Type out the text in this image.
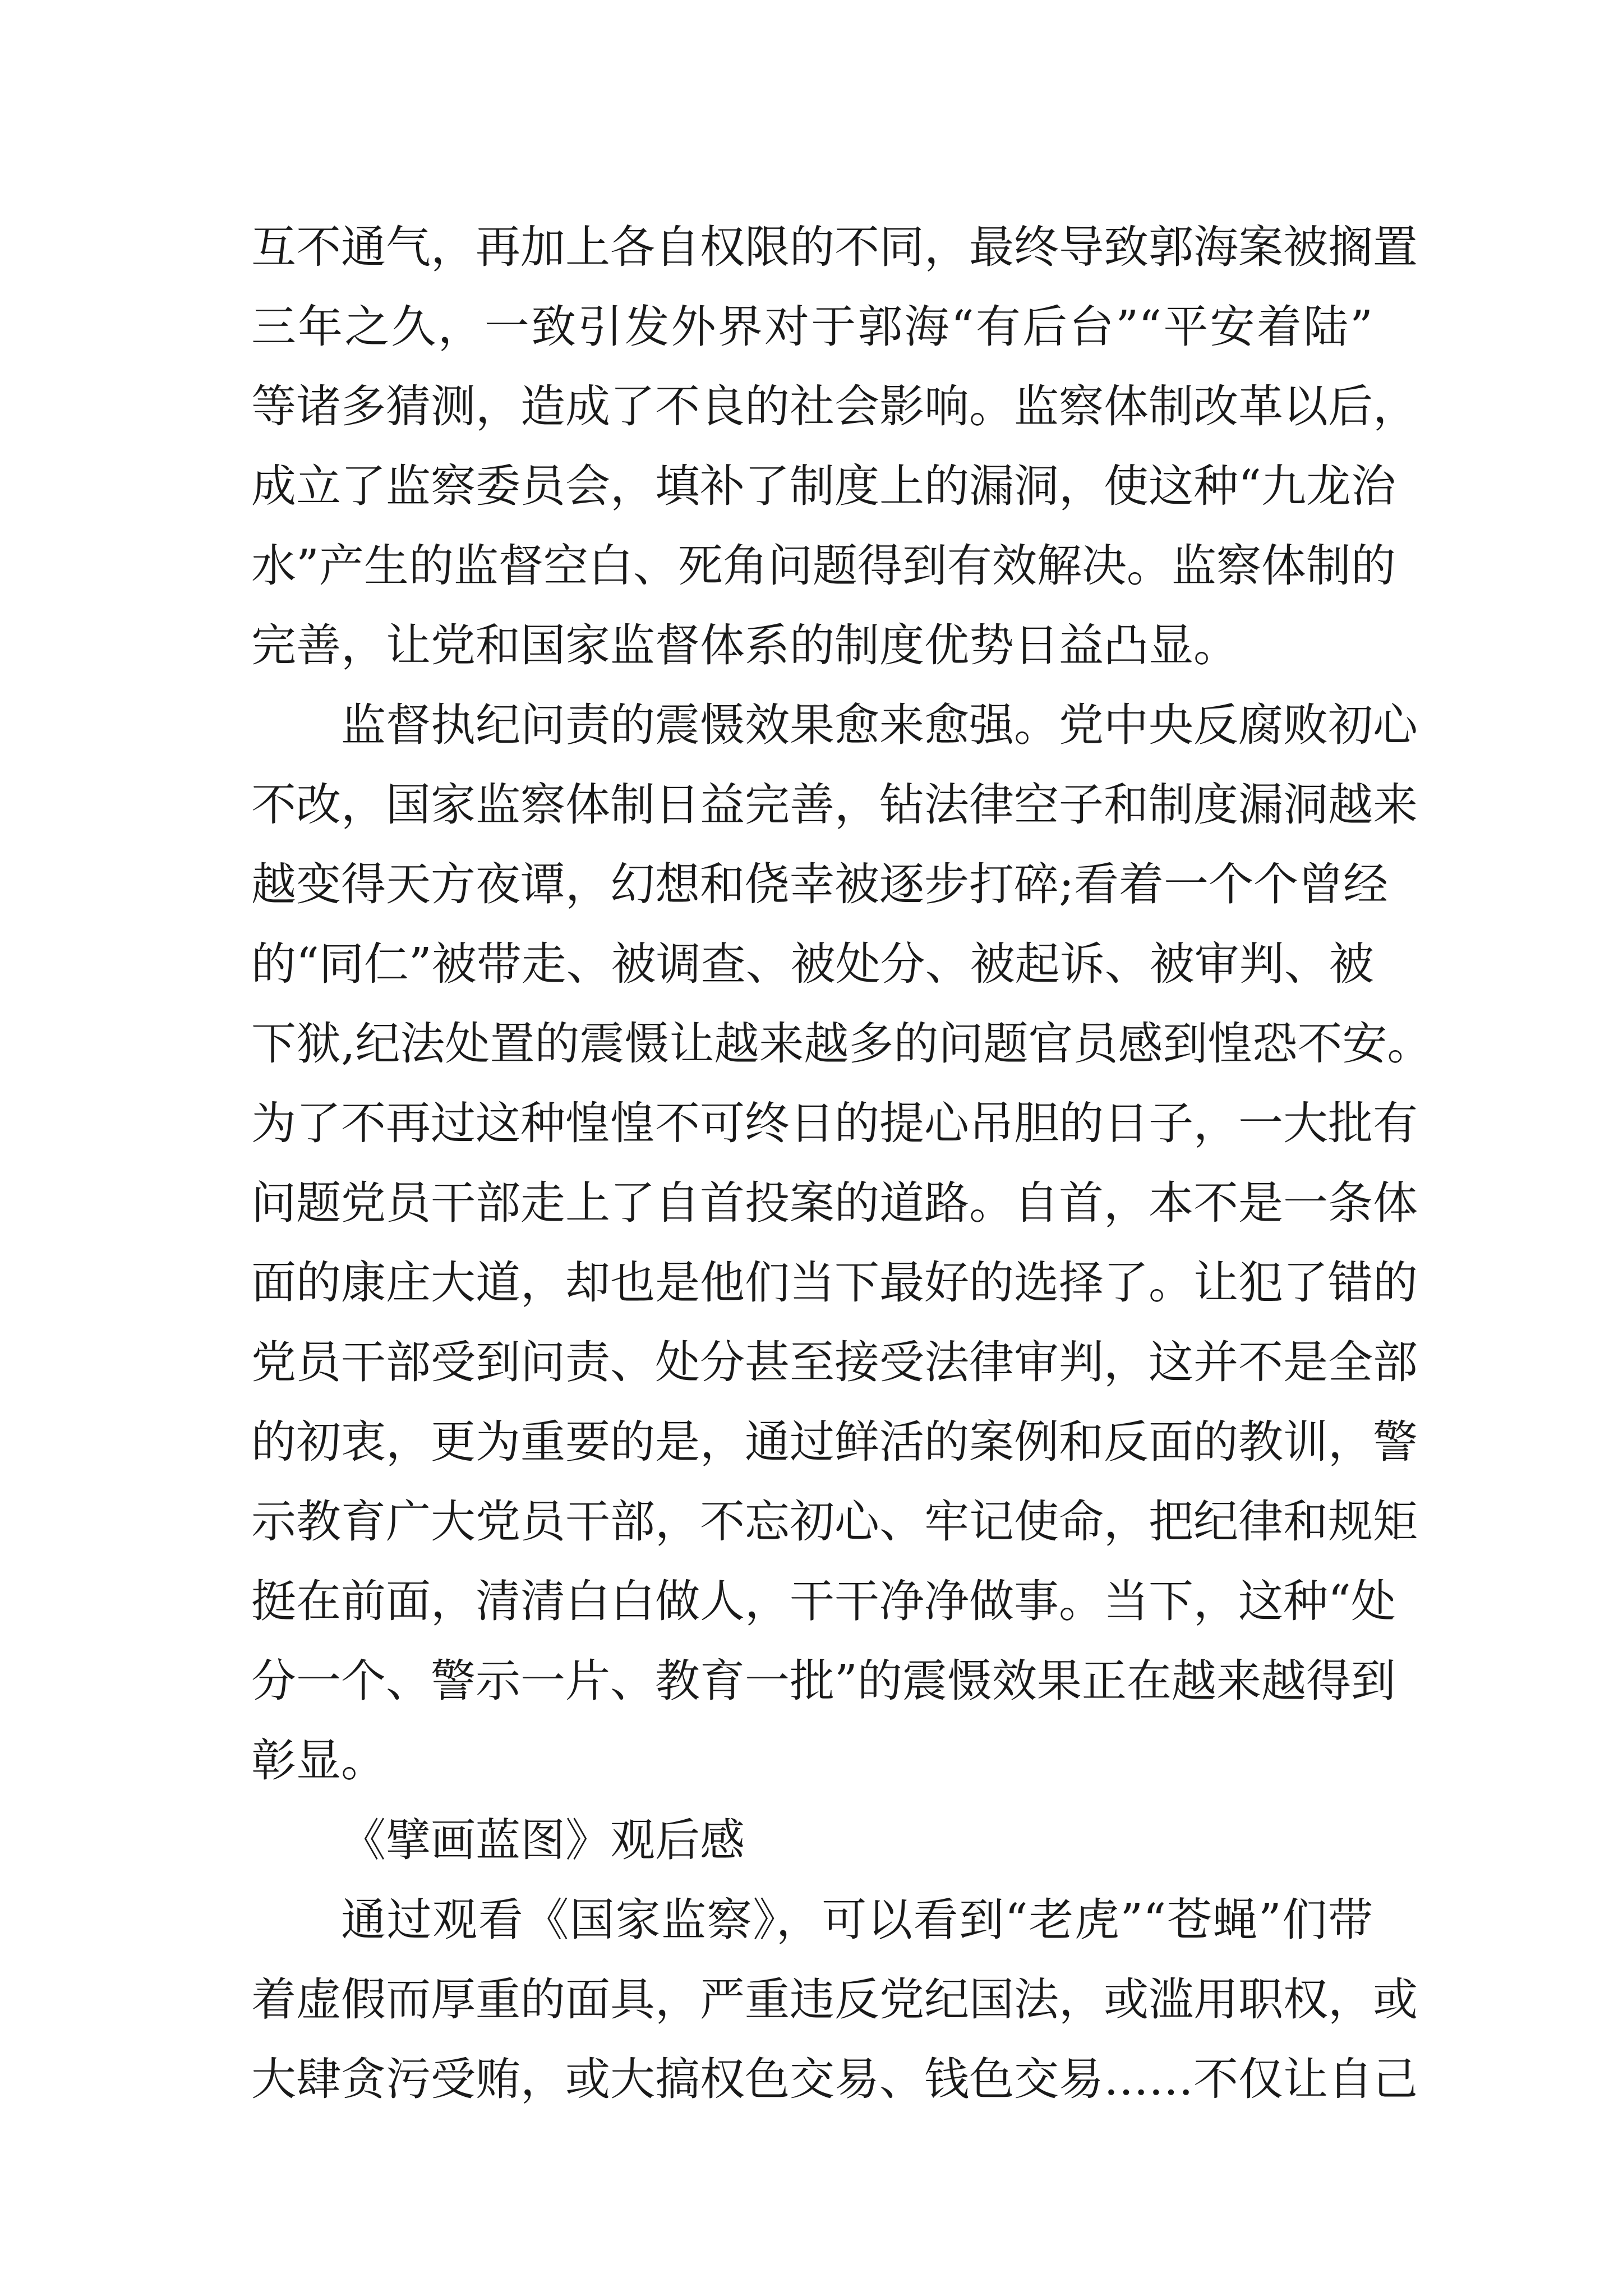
互不通气，再加上各自权限的不同，最终导致郭海案被搁置
三年之久，一致引发外界对于郭海“有后台”“平安着陆”
等诸多猜测，造成了不良的社会影响。监察体制改革以后，
成立了监察委员会，填补了制度上的漏洞，使这种“九龙治
水”产生的监督空白、死角问题得到有效解决。监察体制的
完善，让党和国家监督体系的制度优势日益凸显。
监督执纪问责的震慑效果愈来愈强。党中央反腐败初心
不改，国家监察体制日益完善，钻法律空子和制度漏洞越来
越变得天方夜谭，幻想和侥幸被逐步打碎;看着一个个曾经
的“同仁”被带走、被调查、被处分、被起诉、被审判、被
下狱,纪法处置的震慑让越来越多的问题官员感到惶恐不安。
为了不再过这种惶惶不可终日的提心吊胆的日子，一大批有
问题党员干部走上了自首投案的道路。自首，本不是一条体
面的康庄大道，却也是他们当下最好的选择了。让犯了错的
党员干部受到问责、处分甚至接受法律审判，这并不是全部
的初衷，更为重要的是，通过鲜活的案例和反面的教训，警
示教育广大党员干部，不忘初心、牢记使命，把纪律和规矩
挺在前面，清清白白做人，干干净净做事。当下，这种“处
分一个、警示一片、教育一批”的震慑效果正在越来越得到
彰显。
《擘画蓝图》观后感
通过观看《国家监察》，可以看到“老虎”“苍蝇”们带
着虚假而厚重的面具，严重违反党纪国法，或滥用职权，或
大肆贪污受贿，或大搞权色交易、钱色交易……不仅让自己
